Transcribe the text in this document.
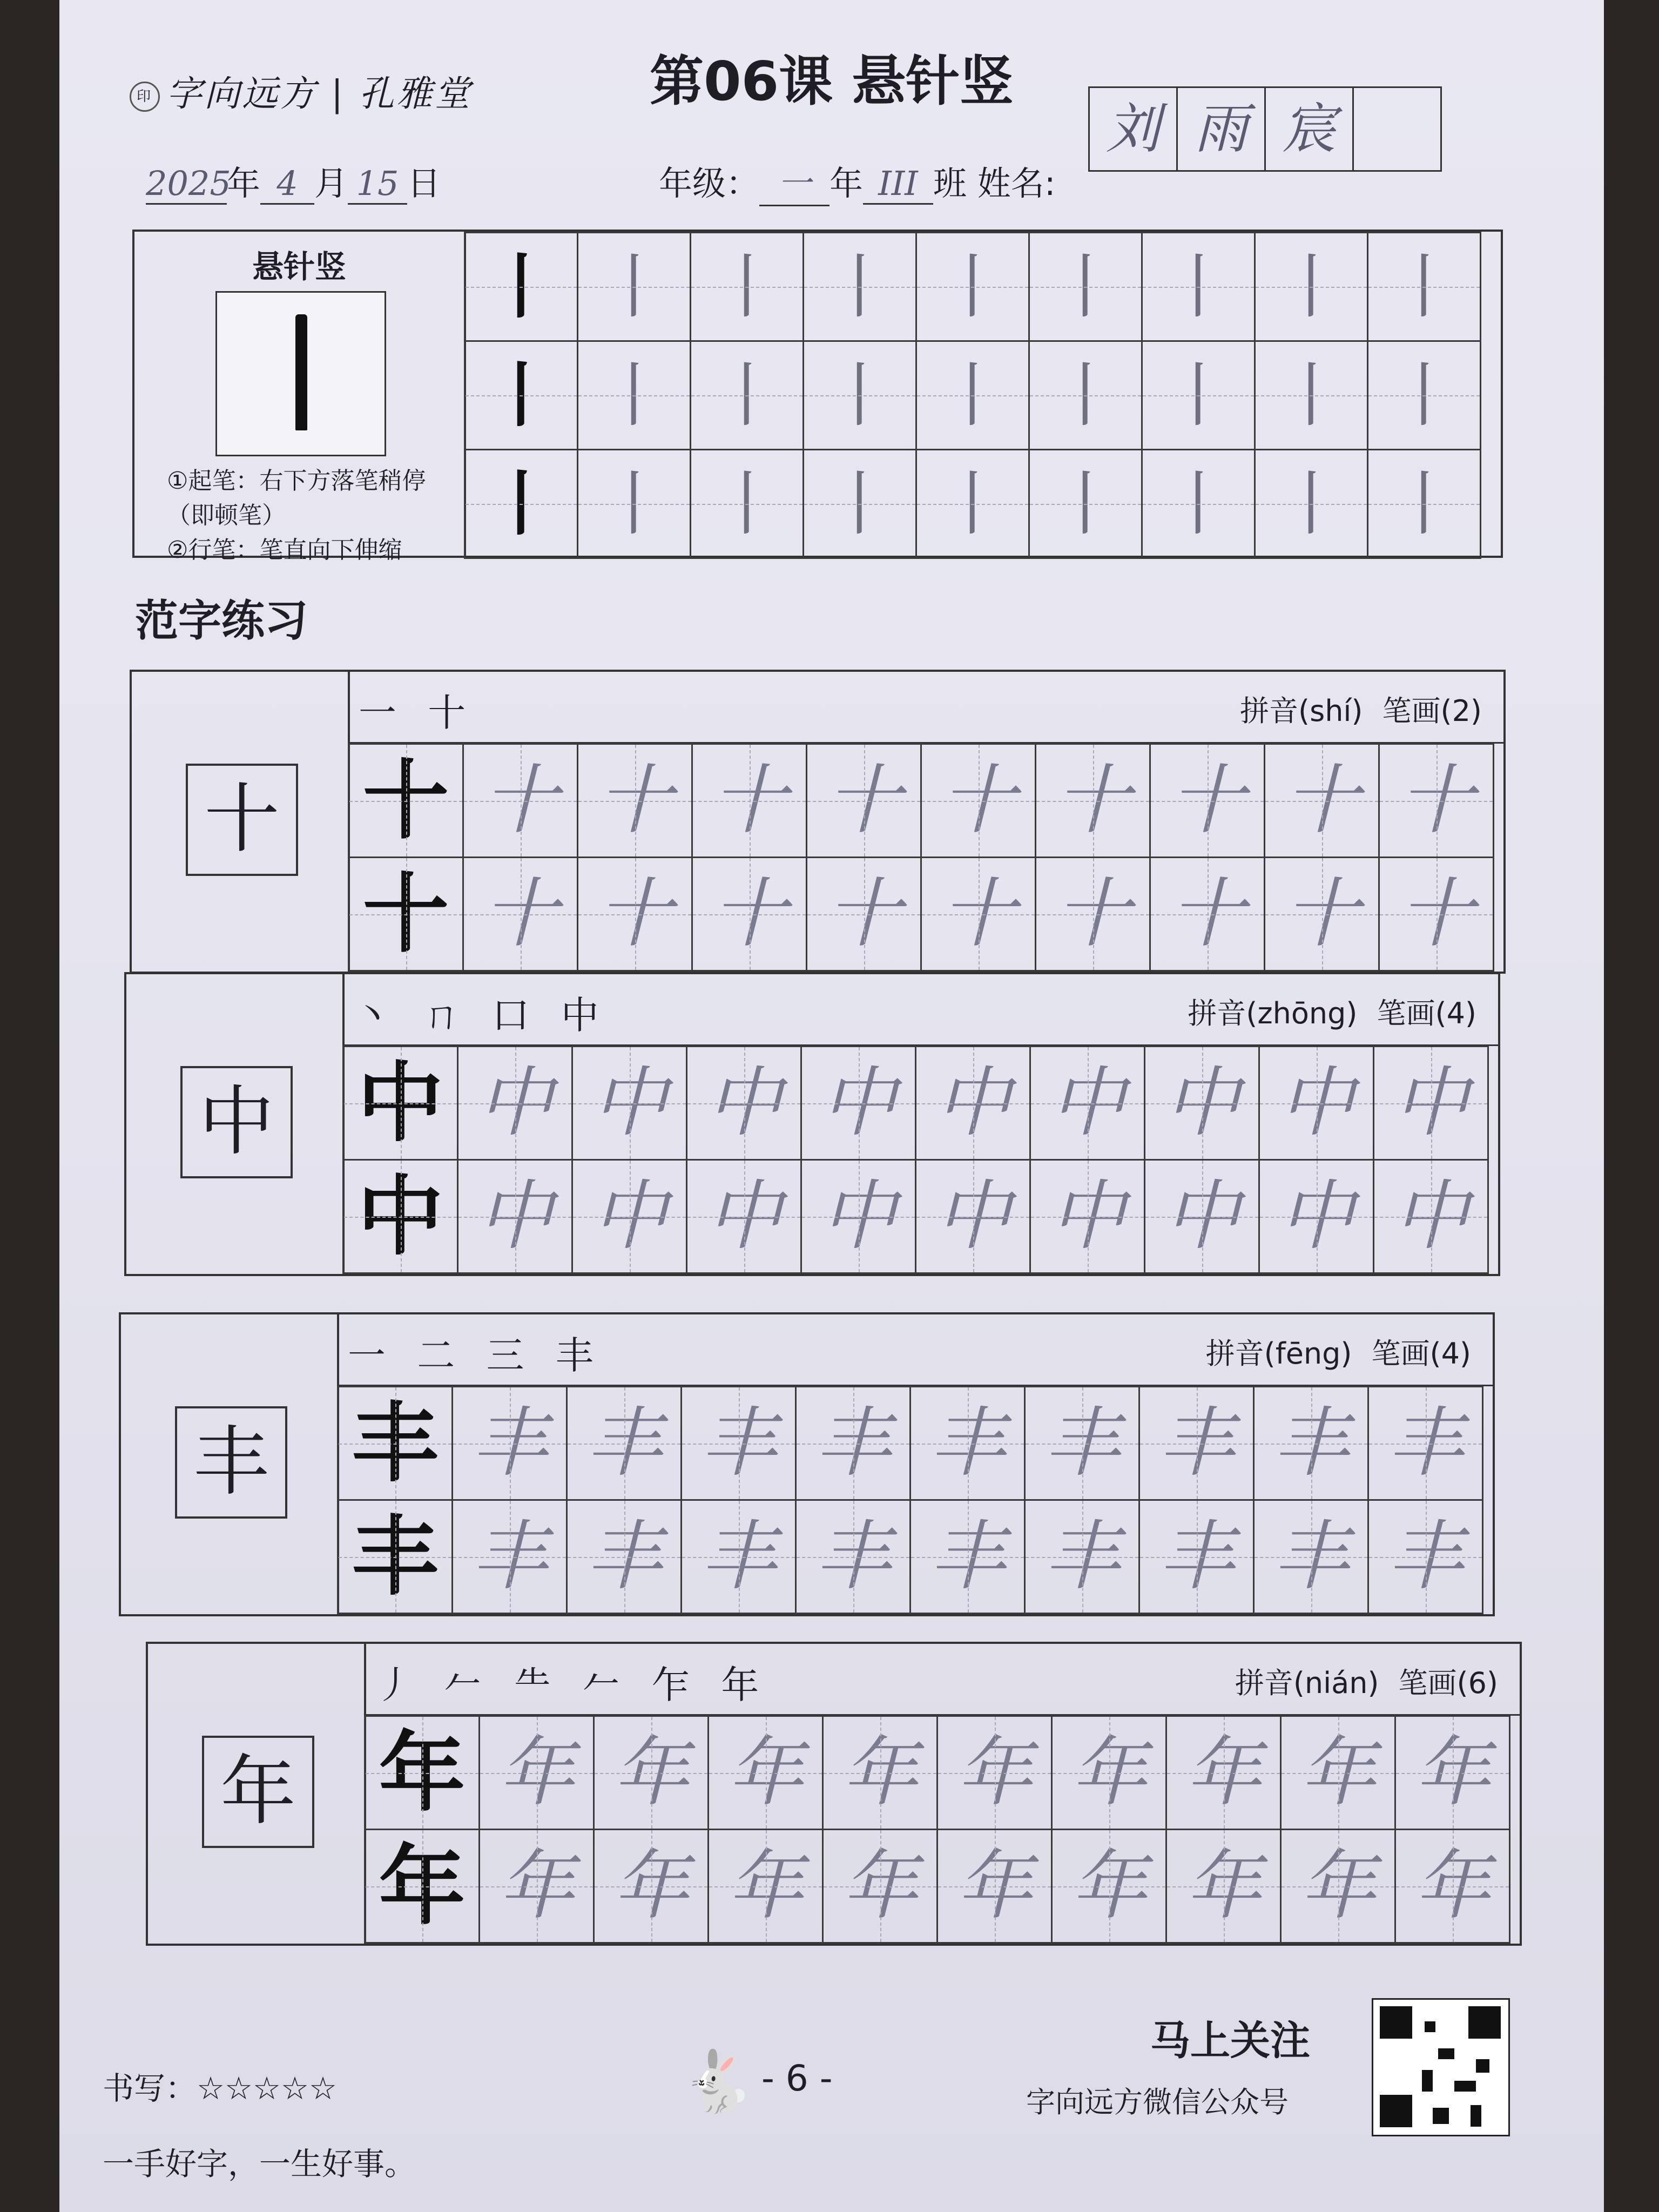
印 字向远方 | 孔雅堂	第06课 悬针竖
2025年 4 月 15 日	年级： 一 年 III 班 姓名:
刘 雨 宸
悬针竖
①起笔：右下方落笔稍停（即顿笔）
②行笔：笔直向下伸缩
丨	丨	丨	丨	丨	丨	丨	丨	丨
丨	丨	丨	丨	丨	丨	丨	丨	丨
丨	丨	丨	丨	丨	丨	丨	丨	丨
范字练习
十
一 十	拼音(shí) 笔画(2)
十	十	十	十	十	十	十	十	十	十
十	十	十	十	十	十	十	十	十	十
中
丶 ㄇ 口 中	拼音(zhōng) 笔画(4)
中	中	中	中	中	中	中	中	中	中
中	中	中	中	中	中	中	中	中	中
丰
一 二 三 丰	拼音(fēng) 笔画(4)
丰	丰	丰	丰	丰	丰	丰	丰	丰	丰
丰	丰	丰	丰	丰	丰	丰	丰	丰	丰
年
丿 𠂉 ⺧ 𠂉 乍 年	拼音(nián) 笔画(6)
年	年	年	年	年	年	年	年	年	年
年	年	年	年	年	年	年	年	年	年
书写：☆☆☆☆☆	🐇 - 6 -
马上关注
字向远方微信公众号
一手好字，一生好事。
